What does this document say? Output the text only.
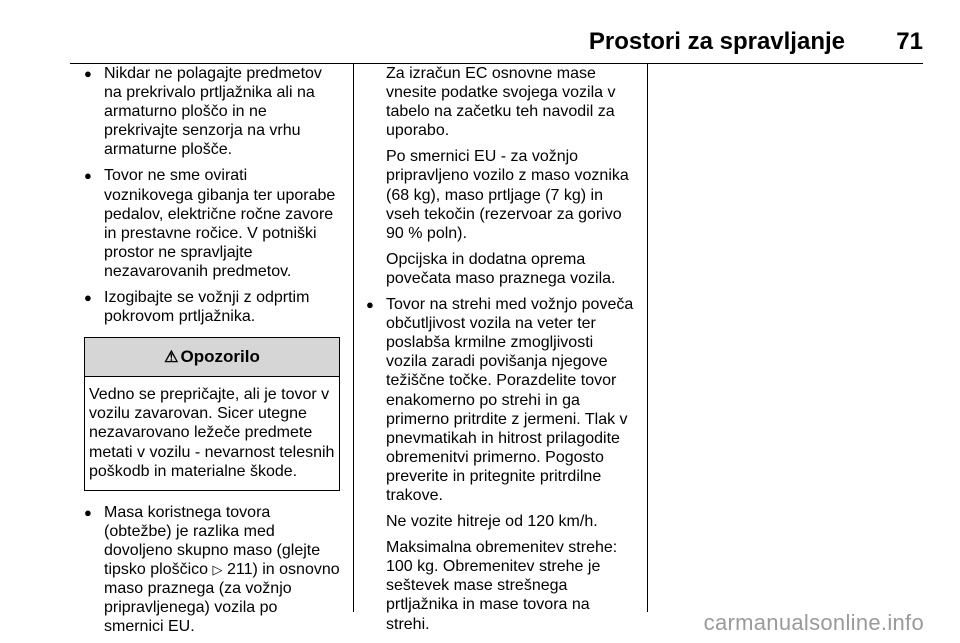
Prostori za spravljanje 71
● Nikdar ne polagajte predmetov na prekrivalo prtljažnika ali na armaturno ploščo in ne prekrivajte senzorja na vrhu armaturne plošče.
● Tovor ne sme ovirati voznikovega gibanja ter uporabe pedalov, električne ročne zavore in prestavne ročice. V potniški prostor ne spravljajte nezavarovanih predmetov.
● Izogibajte se vožnji z odprtim pokrovom prtljažnika.
⚠ Opozorilo
Vedno se prepričajte, ali je tovor v vozilu zavarovan. Sicer utegne nezavarovano ležeče predmete metati v vozilu - nevarnost telesnih poškodb in materialne škode.
● Masa koristnega tovora (obtežbe) je razlika med dovoljeno skupno maso (glejte tipsko ploščico ▷ 211) in osnovno maso praznega (za vožnjo pripravljenega) vozila po smernici EU.
Za izračun EC osnovne mase vnesite podatke svojega vozila v tabelo na začetku teh navodil za uporabo.
Po smernici EU - za vožnjo pripravljeno vozilo z maso voznika (68 kg), maso prtljage (7 kg) in vseh tekočin (rezervoar za gorivo 90 % poln).
Opcijska in dodatna oprema povečata maso praznega vozila.
● Tovor na strehi med vožnjo poveča občutljivost vozila na veter ter poslabša krmilne zmogljivosti vozila zaradi povišanja njegove težiščne točke. Porazdelite tovor enakomerno po strehi in ga primerno pritrdite z jermeni. Tlak v pnevmatikah in hitrost prilagodite obremenitvi primerno. Pogosto preverite in pritegnite pritrdilne trakove.
Ne vozite hitreje od 120 km/h.
Maksimalna obremenitev strehe: 100 kg. Obremenitev strehe je seštevek mase strešnega prtljažnika in mase tovora na strehi.	carmanualsonline.info
